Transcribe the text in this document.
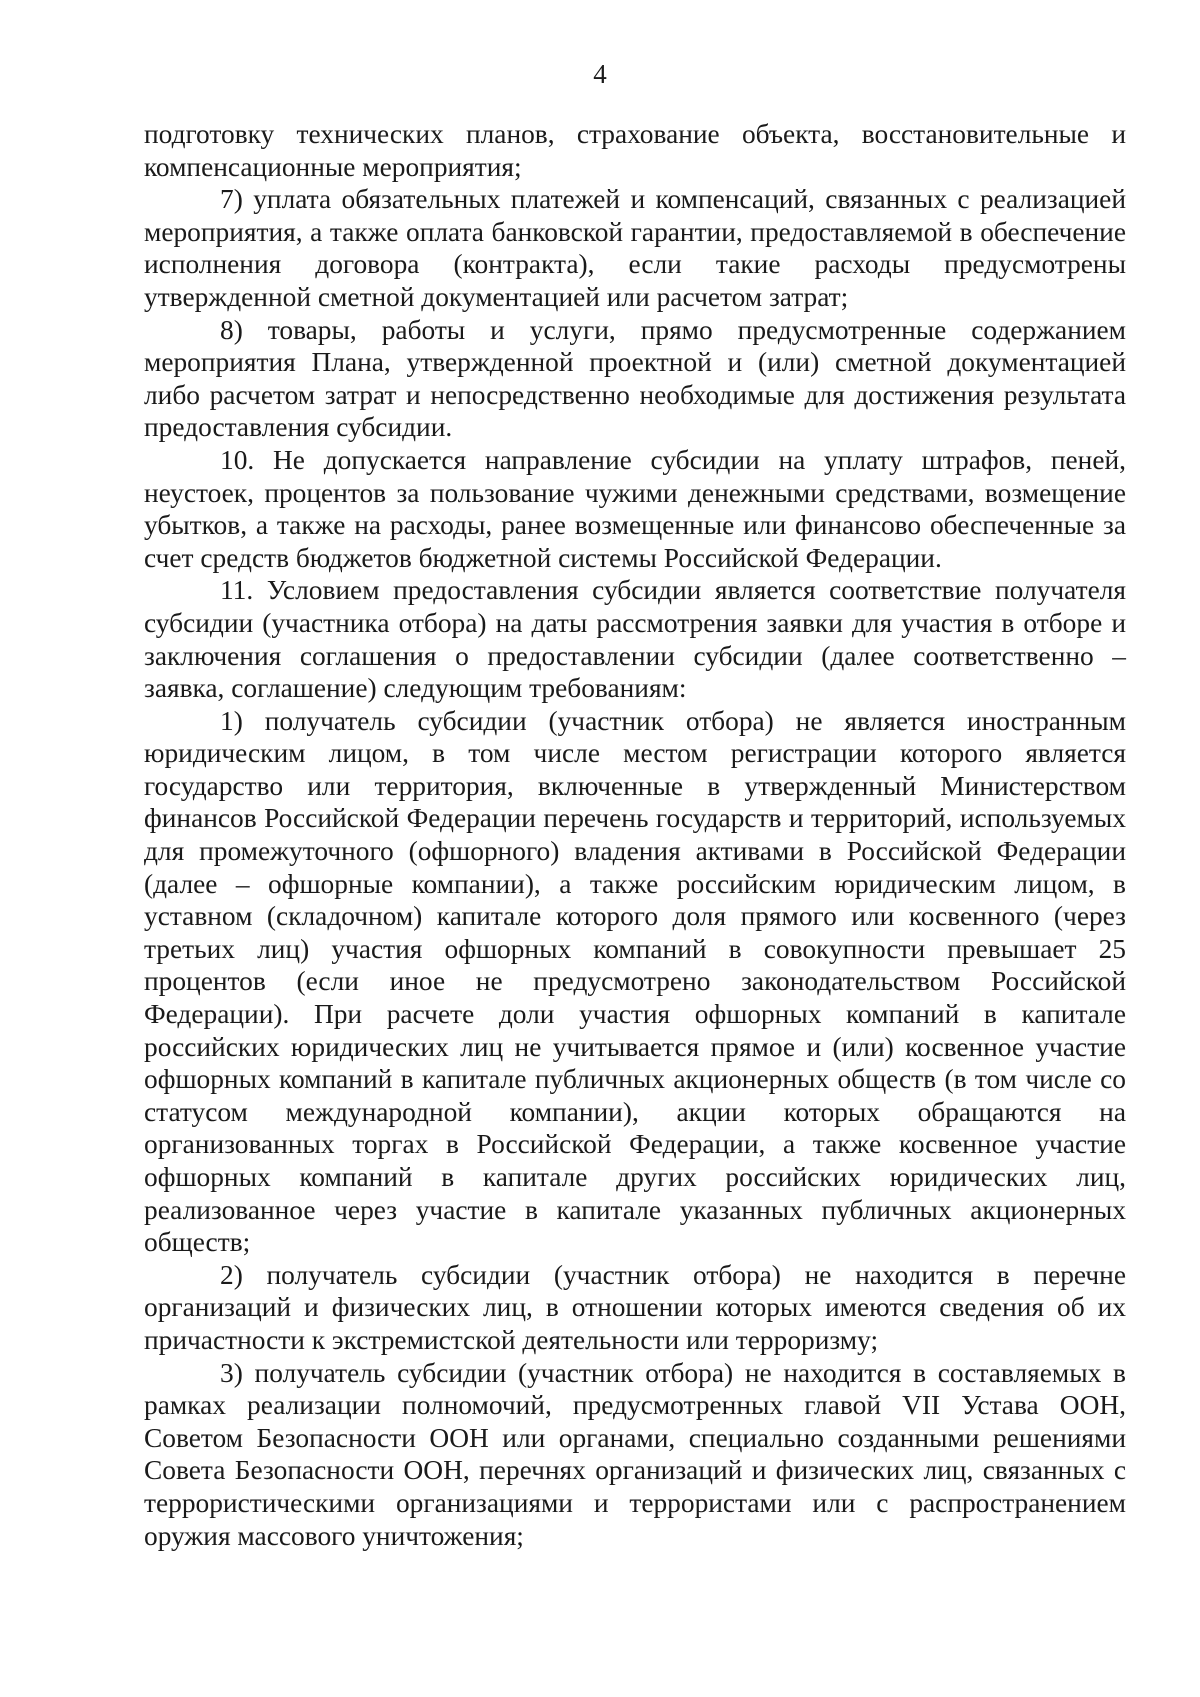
4

подготовку технических планов, страхование объекта, восстановительные и компенсационные мероприятия;

7) уплата обязательных платежей и компенсаций, связанных с реализацией мероприятия, а также оплата банковской гарантии, предоставляемой в обеспечение исполнения договора (контракта), если такие расходы предусмотрены утвержденной сметной документацией или расчетом затрат;

8) товары, работы и услуги, прямо предусмотренные содержанием мероприятия Плана, утвержденной проектной и (или) сметной документацией либо расчетом затрат и непосредственно необходимые для достижения результата предоставления субсидии.

10. Не допускается направление субсидии на уплату штрафов, пеней, неустоек, процентов за пользование чужими денежными средствами, возмещение убытков, а также на расходы, ранее возмещенные или финансово обеспеченные за счет средств бюджетов бюджетной системы Российской Федерации.

11. Условием предоставления субсидии является соответствие получателя субсидии (участника отбора) на даты рассмотрения заявки для участия в отборе и заключения соглашения о предоставлении субсидии (далее соответственно – заявка, соглашение) следующим требованиям:

1) получатель субсидии (участник отбора) не является иностранным юридическим лицом, в том числе местом регистрации которого является государство или территория, включенные в утвержденный Министерством финансов Российской Федерации перечень государств и территорий, используемых для промежуточного (офшорного) владения активами в Российской Федерации (далее – офшорные компании), а также российским юридическим лицом, в уставном (складочном) капитале которого доля прямого или косвенного (через третьих лиц) участия офшорных компаний в совокупности превышает 25 процентов (если иное не предусмотрено законодательством Российской Федерации). При расчете доли участия офшорных компаний в капитале российских юридических лиц не учитывается прямое и (или) косвенное участие офшорных компаний в капитале публичных акционерных обществ (в том числе со статусом международной компании), акции которых обращаются на организованных торгах в Российской Федерации, а также косвенное участие офшорных компаний в капитале других российских юридических лиц, реализованное через участие в капитале указанных публичных акционерных обществ;

2) получатель субсидии (участник отбора) не находится в перечне организаций и физических лиц, в отношении которых имеются сведения об их причастности к экстремистской деятельности или терроризму;

3) получатель субсидии (участник отбора) не находится в составляемых в рамках реализации полномочий, предусмотренных главой VII Устава ООН, Советом Безопасности ООН или органами, специально созданными решениями Совета Безопасности ООН, перечнях организаций и физических лиц, связанных с террористическими организациями и террористами или с распространением оружия массового уничтожения;
